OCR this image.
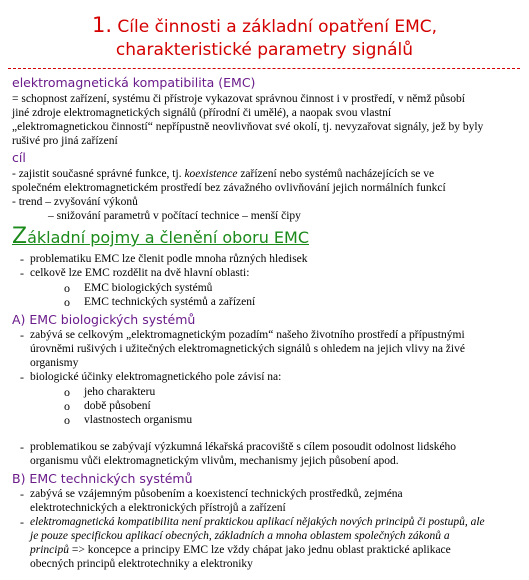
1. Cíle činnosti a základní opatření EMC,
charakteristické parametry signálů
elektromagnetická kompatibilita (EMC)
= schopnost zařízení, systému či přístroje vykazovat správnou činnost i v prostředí, v němž působí
jiné zdroje elektromagnetických signálů (přírodní či umělé), a naopak svou vlastní
„elektromagnetickou činností“ nepřípustně neovlivňovat své okolí, tj. nevyzařovat signály, jež by byly
rušivé pro jiná zařízení
cíl
- zajistit současné správné funkce, tj. koexistence zařízení nebo systémů nacházejících se ve
společném elektromagnetickém prostředí bez závažného ovlivňování jejich normálních funkcí
- trend – zvyšování výkonů
– snižování parametrů v počítací technice – menší čipy
Základní pojmy a členění oboru EMC
- problematiku EMC lze členit podle mnoha různých hledisek
- celkově lze EMC rozdělit na dvě hlavní oblasti:
o EMC biologických systémů
o EMC technických systémů a zařízení
A) EMC biologických systémů
- zabývá se celkovým „elektromagnetickým pozadím“ našeho životního prostředí a přípustnými
úrovněmi rušivých i užitečných elektromagnetických signálů s ohledem na jejich vlivy na živé
organismy
- biologické účinky elektromagnetického pole závisí na:
o jeho charakteru
o době působení
o vlastnostech organismu
- problematikou se zabývají výzkumná lékařská pracoviště s cílem posoudit odolnost lidského
organismu vůči elektromagnetickým vlivům, mechanismy jejich působení apod.
B) EMC technických systémů
- zabývá se vzájemným působením a koexistencí technických prostředků, zejména
elektrotechnických a elektronických přístrojů a zařízení
- elektromagnetická kompatibilita není praktickou aplikací nějakých nových principů či postupů, ale
je pouze specifickou aplikací obecných, základních a mnoha oblastem společných zákonů a
principů => koncepce a principy EMC lze vždy chápat jako jednu oblast praktické aplikace
obecných principů elektrotechniky a elektroniky
